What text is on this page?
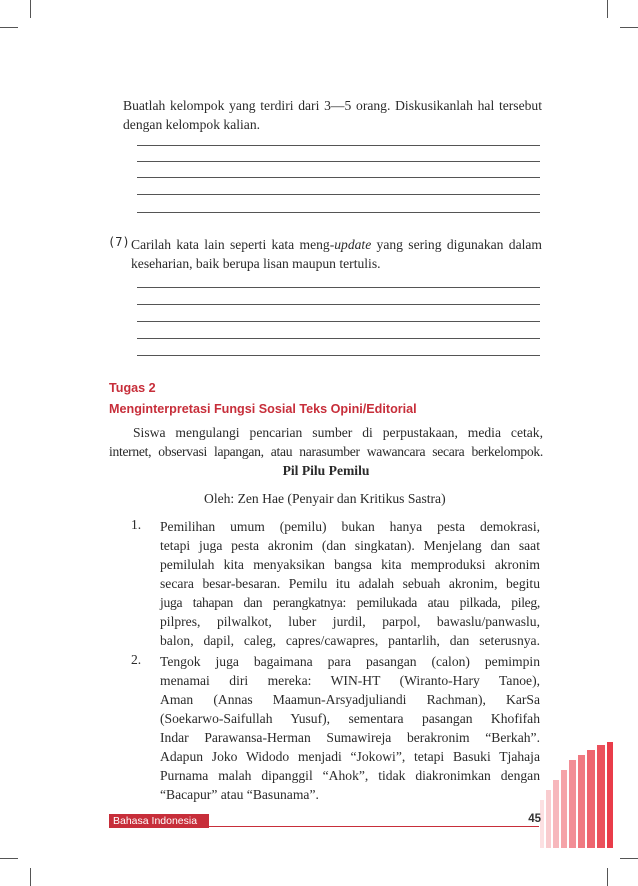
Buatlah kelompok yang terdiri dari 3—5 orang. Diskusikanlah hal tersebut
dengan kelompok kalian.
(7) Carilah kata lain seperti kata meng-update yang sering digunakan dalam
keseharian, baik berupa lisan maupun tertulis.
Tugas 2
Menginterpretasi Fungsi Sosial Teks Opini/Editorial
Siswa mengulangi pencarian sumber di perpustakaan, media cetak,
internet, observasi lapangan, atau narasumber wawancara secara berkelompok.
Pil Pilu Pemilu
Oleh: Zen Hae (Penyair dan Kritikus Sastra)
1. Pemilihan umum (pemilu) bukan hanya pesta demokrasi,
tetapi juga pesta akronim (dan singkatan). Menjelang dan saat
pemilulah kita menyaksikan bangsa kita memproduksi akronim
secara besar-besaran. Pemilu itu adalah sebuah akronim, begitu
juga tahapan dan perangkatnya: pemilukada atau pilkada, pileg,
pilpres, pilwalkot, luber jurdil, parpol, bawaslu/panwaslu,
balon, dapil, caleg, capres/cawapres, pantarlih, dan seterusnya.
2. Tengok juga bagaimana para pasangan (calon) pemimpin
menamai diri mereka: WIN-HT (Wiranto-Hary Tanoe),
Aman (Annas Maamun-Arsyadjuliandi Rachman), KarSa
(Soekarwo-Saifullah Yusuf), sementara pasangan Khofifah
Indar Parawansa-Herman Sumawireja berakronim “Berkah”.
Adapun Joko Widodo menjadi “Jokowi”, tetapi Basuki Tjahaja
Purnama malah dipanggil “Ahok”, tidak diakronimkan dengan
“Bacapur” atau “Basunama”.
Bahasa Indonesia	45
